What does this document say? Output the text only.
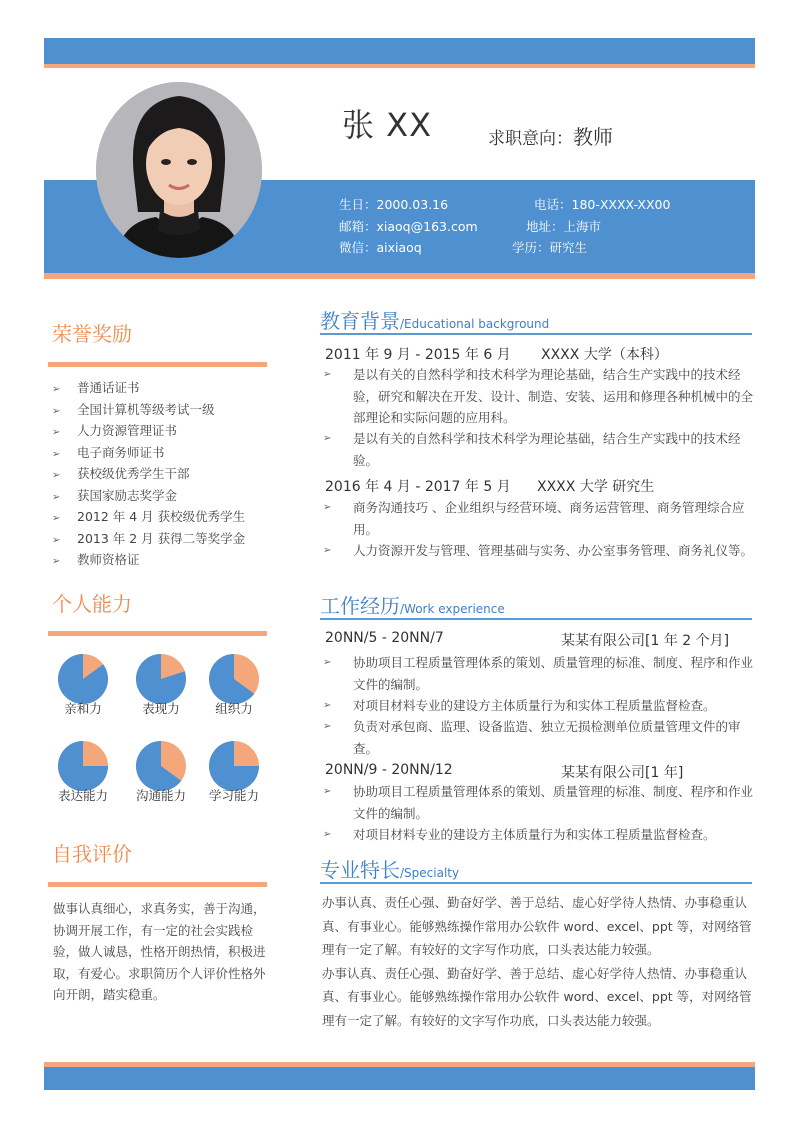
张 XX	求职意向：教师
生日：2000.03.16	电话：180-XXXX-XX00
邮箱：xiaoq@163.com	地址：上海市
微信：aixiaoq	学历：研究生
荣誉奖励
➢ 普通话证书
➢ 全国计算机等级考试一级
➢ 人力资源管理证书
➢ 电子商务师证书
➢ 获校级优秀学生干部
➢ 获国家励志奖学金
➢ 2012 年 4 月 获校级优秀学生
➢ 2013 年 2 月 获得二等奖学金
➢ 教师资格证
个人能力
亲和力	表现力	组织力
表达能力	沟通能力	学习能力
自我评价
做事认真细心，求真务实，善于沟通，协调开展工作，有一定的社会实践检验，做人诚恳，性格开朗热情，积极进取，有爱心。求职简历个人评价性格外向开朗，踏实稳重。
教育背景/Educational background
2011 年 9 月 - 2015 年 6 月 XXXX 大学（本科）
➢ 是以有关的自然科学和技术科学为理论基础，结合生产实践中的技术经验，研究和解决在开发、设计、制造、安装、运用和修理各种机械中的全部理论和实际问题的应用科。
➢ 是以有关的自然科学和技术科学为理论基础，结合生产实践中的技术经验。
2016 年 4 月 - 2017 年 5 月 XXXX 大学 研究生
➢ 商务沟通技巧 、企业组织与经营环境、商务运营管理、商务管理综合应用。
➢ 人力资源开发与管理、管理基础与实务、办公室事务管理、商务礼仪等。
工作经历/Work experience
20NN/5 - 20NN/7	某某有限公司[1 年 2 个月]
➢ 协助项目工程质量管理体系的策划、质量管理的标准、制度、程序和作业文件的编制。
➢ 对项目材料专业的建设方主体质量行为和实体工程质量监督检查。
➢ 负责对承包商、监理、设备监造、独立无损检测单位质量管理文件的审查。
20NN/9 - 20NN/12	某某有限公司[1 年]
➢ 协助项目工程质量管理体系的策划、质量管理的标准、制度、程序和作业文件的编制。
➢ 对项目材料专业的建设方主体质量行为和实体工程质量监督检查。
专业特长/Specialty
办事认真、责任心强、勤奋好学、善于总结、虚心好学待人热情、办事稳重认真、有事业心。能够熟练操作常用办公软件 word、excel、ppt 等，对网络管理有一定了解。有较好的文字写作功底，口头表达能力较强。
办事认真、责任心强、勤奋好学、善于总结、虚心好学待人热情、办事稳重认真、有事业心。能够熟练操作常用办公软件 word、excel、ppt 等，对网络管理有一定了解。有较好的文字写作功底，口头表达能力较强。
